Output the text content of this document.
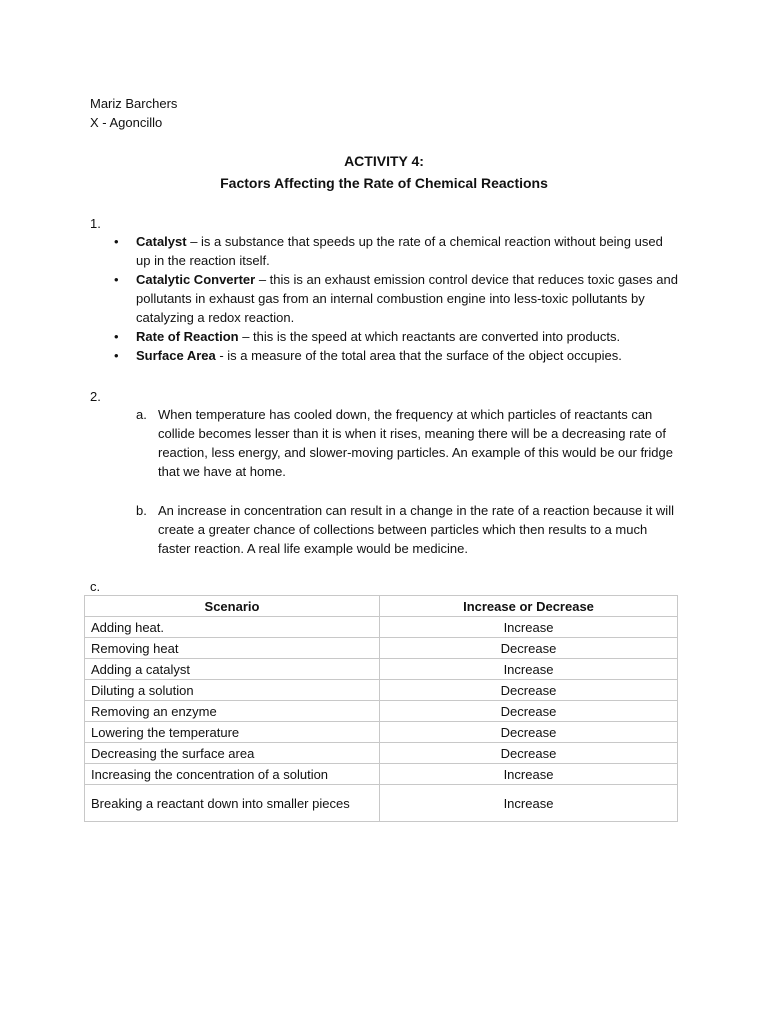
Mariz Barchers
X - Agoncillo
ACTIVITY 4:
Factors Affecting the Rate of Chemical Reactions
1.
• Catalyst – is a substance that speeds up the rate of a chemical reaction without being used up in the reaction itself.
• Catalytic Converter – this is an exhaust emission control device that reduces toxic gases and pollutants in exhaust gas from an internal combustion engine into less-toxic pollutants by catalyzing a redox reaction.
• Rate of Reaction – this is the speed at which reactants are converted into products.
• Surface Area - is a measure of the total area that the surface of the object occupies.
2.
a. When temperature has cooled down, the frequency at which particles of reactants can collide becomes lesser than it is when it rises, meaning there will be a decreasing rate of reaction, less energy, and slower-moving particles. An example of this would be our fridge that we have at home.
b. An increase in concentration can result in a change in the rate of a reaction because it will create a greater chance of collections between particles which then results to a much faster reaction. A real life example would be medicine.
c.
Scenario	Increase or Decrease
Adding heat.	Increase
Removing heat	Decrease
Adding a catalyst	Increase
Diluting a solution	Decrease
Removing an enzyme	Decrease
Lowering the temperature	Decrease
Decreasing the surface area	Decrease
Increasing the concentration of a solution	Increase
Breaking a reactant down into smaller pieces	Increase
